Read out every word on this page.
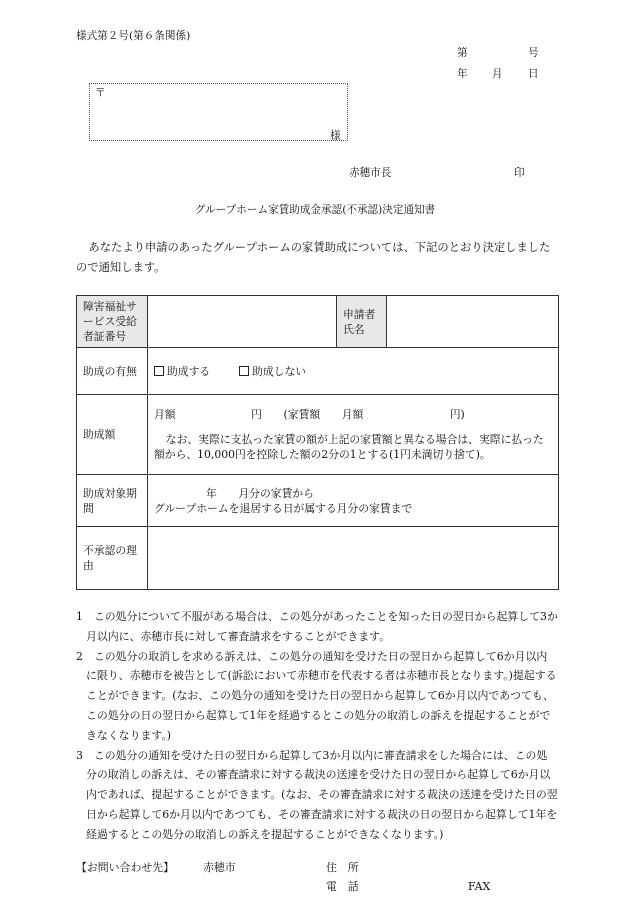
様式第２号(第６条関係)
第	号
年 月 日
〒
様
赤穂市長	印
グループホーム家賃助成金承認(不承認)決定通知書
あなたより申請のあったグループホームの家賃助成については、下記のとおり決定しましたので通知します。
障害福祉サービス受給者証番号		申請者氏名	
助成の有無	助成する 助成しない		
助成額	月額　　　　　　　円　　(家賃額　　月額　　　　　　　　円)
なお、実際に支払った家賃の額が上記の家賃額と異なる場合は、実際に払った額から、10,000円を控除した額の2分の1とする(1円未満切り捨て)。		

助成対象期間	年　　月分の家賃から
グループホームを退居する日が属する月分の家賃まで		

不承認の理由			

1　この処分について不服がある場合は、この処分があったことを知った日の翌日から起算して3か月以内に、赤穂市長に対して審査請求をすることができます。

2　この処分の取消しを求める訴えは、この処分の通知を受けた日の翌日から起算して6か月以内に限り、赤穂市を被告として(訴訟において赤穂市を代表する者は赤穂市長となります。)提起することができます。(なお、この処分の通知を受けた日の翌日から起算して6か月以内であつても、この処分の日の翌日から起算して1年を経過するとこの処分の取消しの訴えを提起することができなくなります。)

3　この処分の通知を受けた日の翌日から起算して3か月以内に審査請求をした場合には、この処分の取消しの訴えは、その審査請求に対する裁決の送達を受けた日の翌日から起算して6か月以内であれば、提起することができます。(なお、その審査請求に対する裁決の送達を受けた日の翌日から起算して6か月以内であつても、その審査請求に対する裁決の日の翌日から起算して1年を経過するとこの処分の取消しの訴えを提起することができなくなります。)

【お問い合わせ先】	赤穂市	住　所
電　話	FAX
